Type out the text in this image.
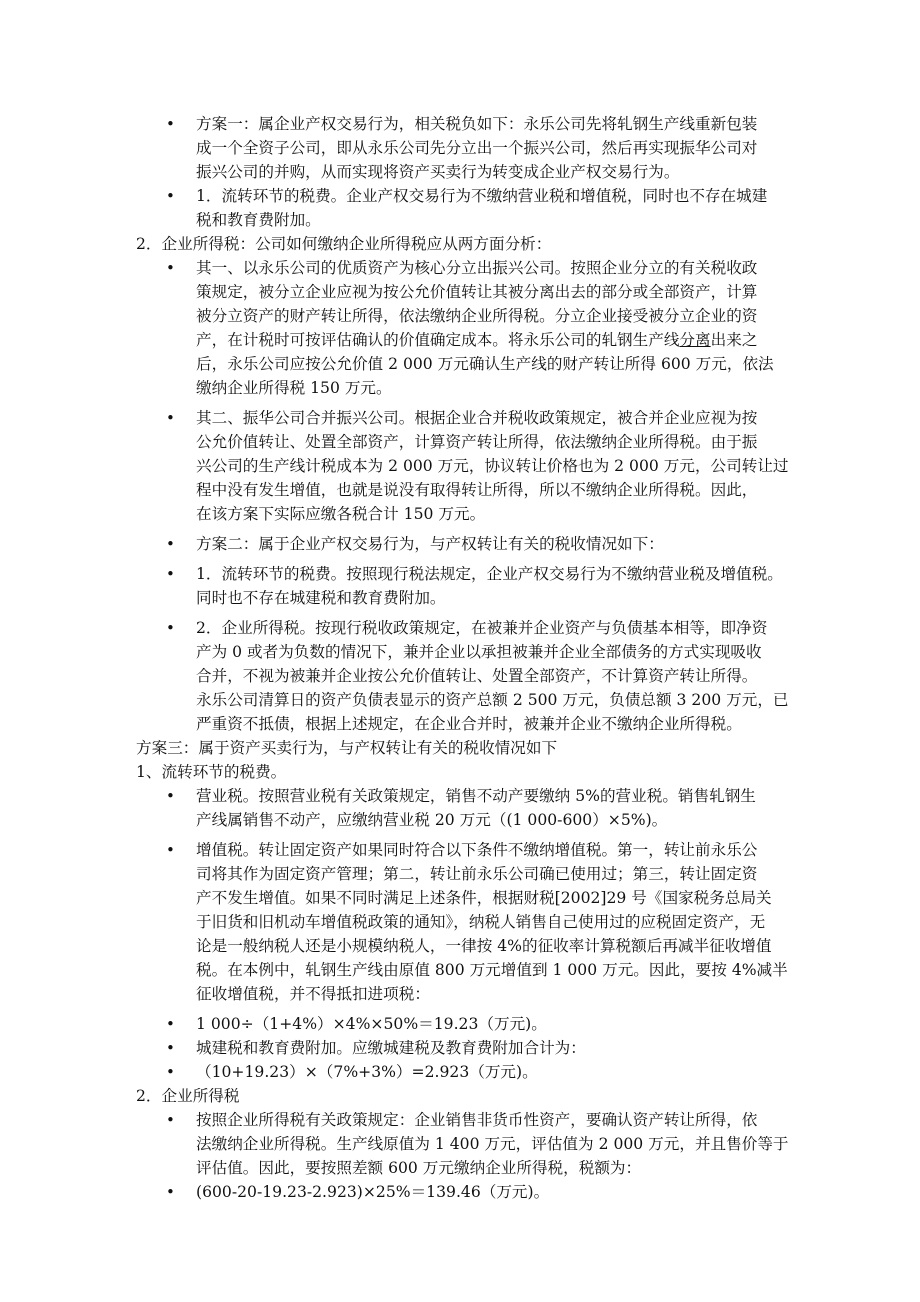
• 方案一：属企业产权交易行为，相关税负如下：永乐公司先将轧钢生产线重新包装
成一个全资子公司，即从永乐公司先分立出一个振兴公司，然后再实现振华公司对
振兴公司的并购，从而实现将资产买卖行为转变成企业产权交易行为。
• 1．流转环节的税费。企业产权交易行为不缴纳营业税和增值税，同时也不存在城建
税和教育费附加。
2．企业所得税：公司如何缴纳企业所得税应从两方面分析：
• 其一、以永乐公司的优质资产为核心分立出振兴公司。按照企业分立的有关税收政
策规定，被分立企业应视为按公允价值转让其被分离出去的部分或全部资产，计算
被分立资产的财产转让所得，依法缴纳企业所得税。分立企业接受被分立企业的资
产，在计税时可按评估确认的价值确定成本。将永乐公司的轧钢生产线分离出来之
后，永乐公司应按公允价值 2 000 万元确认生产线的财产转让所得 600 万元，依法
缴纳企业所得税 150 万元。
• 其二、振华公司合并振兴公司。根据企业合并税收政策规定，被合并企业应视为按
公允价值转让、处置全部资产，计算资产转让所得，依法缴纳企业所得税。由于振
兴公司的生产线计税成本为 2 000 万元，协议转让价格也为 2 000 万元，公司转让过
程中没有发生增值，也就是说没有取得转让所得，所以不缴纳企业所得税。因此，
在该方案下实际应缴各税合计 150 万元。
• 方案二：属于企业产权交易行为，与产权转让有关的税收情况如下：
• 1．流转环节的税费。按照现行税法规定，企业产权交易行为不缴纳营业税及增值税。
同时也不存在城建税和教育费附加。
• 2．企业所得税。按现行税收政策规定，在被兼并企业资产与负债基本相等，即净资
产为 0 或者为负数的情况下，兼并企业以承担被兼并企业全部债务的方式实现吸收
合并，不视为被兼并企业按公允价值转让、处置全部资产，不计算资产转让所得。
永乐公司清算日的资产负债表显示的资产总额 2 500 万元，负债总额 3 200 万元，已
严重资不抵债，根据上述规定，在企业合并时，被兼并企业不缴纳企业所得税。
方案三：属于资产买卖行为，与产权转让有关的税收情况如下
1、流转环节的税费。
• 营业税。按照营业税有关政策规定，销售不动产要缴纳 5%的营业税。销售轧钢生
产线属销售不动产，应缴纳营业税 20 万元（(1 000-600）×5%)。
• 增值税。转让固定资产如果同时符合以下条件不缴纳增值税。第一，转让前永乐公
司将其作为固定资产管理；第二，转让前永乐公司确已使用过；第三，转让固定资
产不发生增值。如果不同时满足上述条件，根据财税[2002]29 号《国家税务总局关
于旧货和旧机动车增值税政策的通知》，纳税人销售自己使用过的应税固定资产，无
论是一般纳税人还是小规模纳税人，一律按 4%的征收率计算税额后再减半征收增值
税。在本例中，轧钢生产线由原值 800 万元增值到 1 000 万元。因此，要按 4%减半
征收增值税，并不得抵扣进项税：
• 1 000÷（1+4%）×4%×50%＝19.23（万元)。
• 城建税和教育费附加。应缴城建税及教育费附加合计为：
• （10+19.23）×（7%+3%）=2.923（万元)。
2．企业所得税
• 按照企业所得税有关政策规定：企业销售非货币性资产，要确认资产转让所得，依
法缴纳企业所得税。生产线原值为 1 400 万元，评估值为 2 000 万元，并且售价等于
评估值。因此，要按照差额 600 万元缴纳企业所得税，税额为：
• (600-20-19.23-2.923)×25%＝139.46（万元)。
